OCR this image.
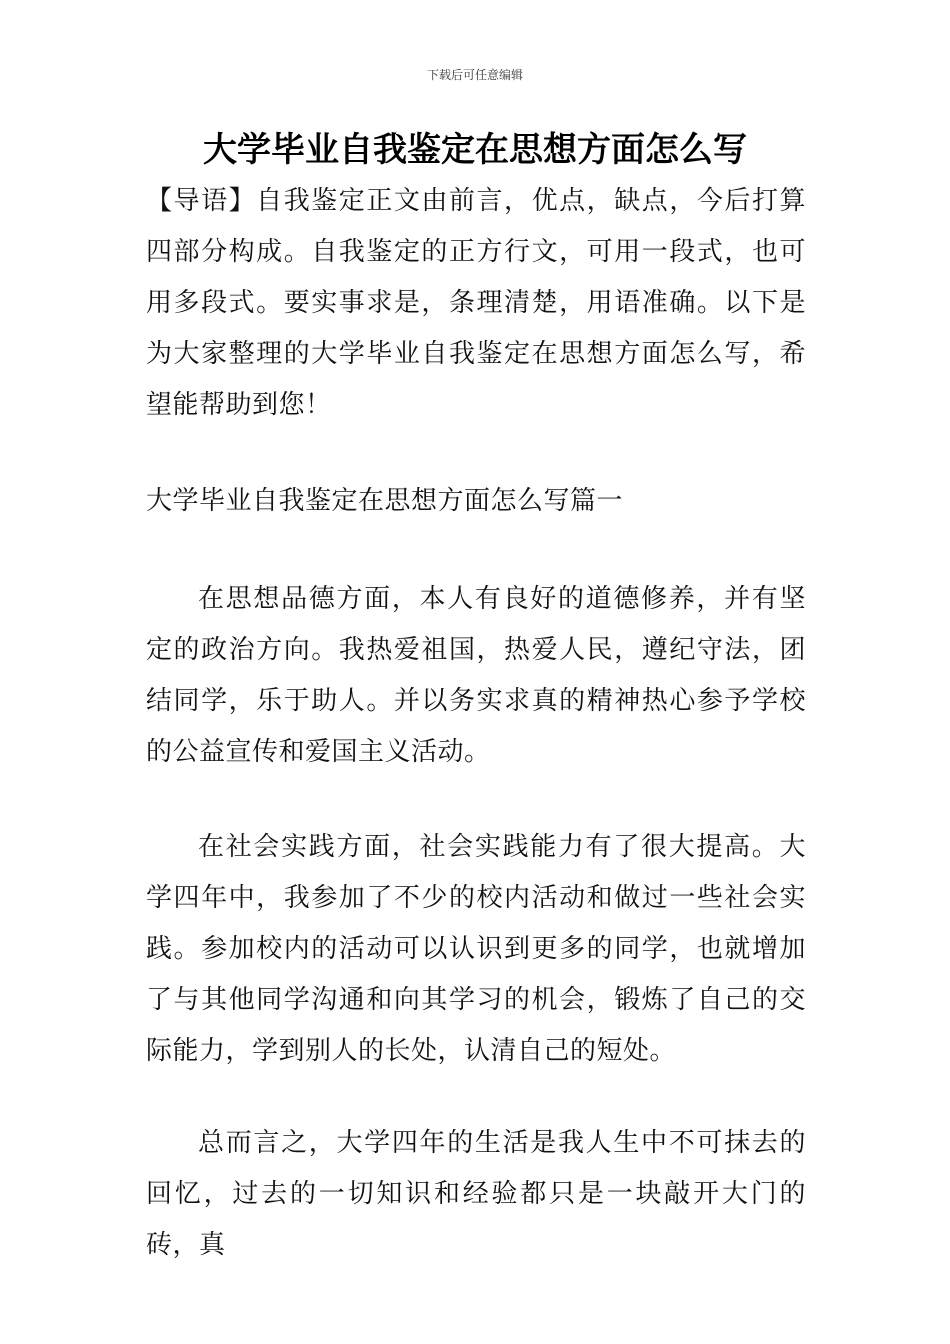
下载后可任意编辑
大学毕业自我鉴定在思想方面怎么写

【导语】自我鉴定正文由前言，优点，缺点，今后打算四部分构成。自我鉴定的正方行文，可用一段式，也可用多段式。要实事求是，条理清楚，用语准确。以下是为大家整理的大学毕业自我鉴定在思想方面怎么写，希望能帮助到您！

大学毕业自我鉴定在思想方面怎么写篇一

在思想品德方面，本人有良好的道德修养，并有坚定的政治方向。我热爱祖国，热爱人民，遵纪守法，团结同学，乐于助人。并以务实求真的精神热心参予学校的公益宣传和爱国主义活动。

在社会实践方面，社会实践能力有了很大提高。大学四年中，我参加了不少的校内活动和做过一些社会实践。参加校内的活动可以认识到更多的同学，也就增加了与其他同学沟通和向其学习的机会，锻炼了自己的交际能力，学到别人的长处，认清自己的短处。

总而言之，大学四年的生活是我人生中不可抹去的回忆，过去的一切知识和经验都只是一块敲开大门的砖，真
